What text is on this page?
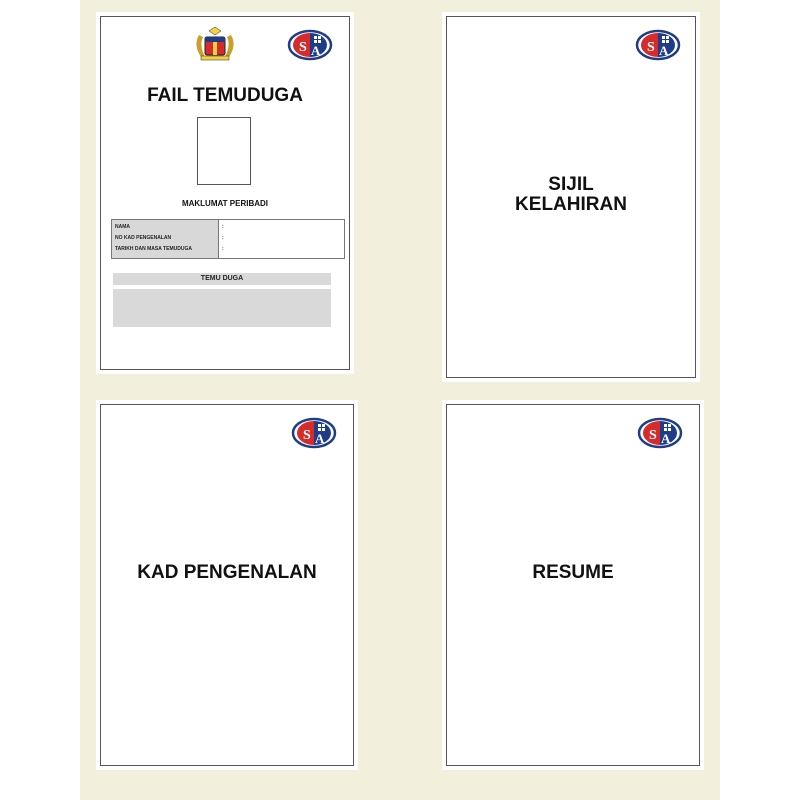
FAIL TEMUDUGA
MAKLUMAT PERIBADI
NAMA
NO KAD PENGENALAN
TARIKH DAN MASA TEMUDUGA
:
:
:
TEMU DUGA
SIJIL
KELAHIRAN
KAD PENGENALAN	RESUME
